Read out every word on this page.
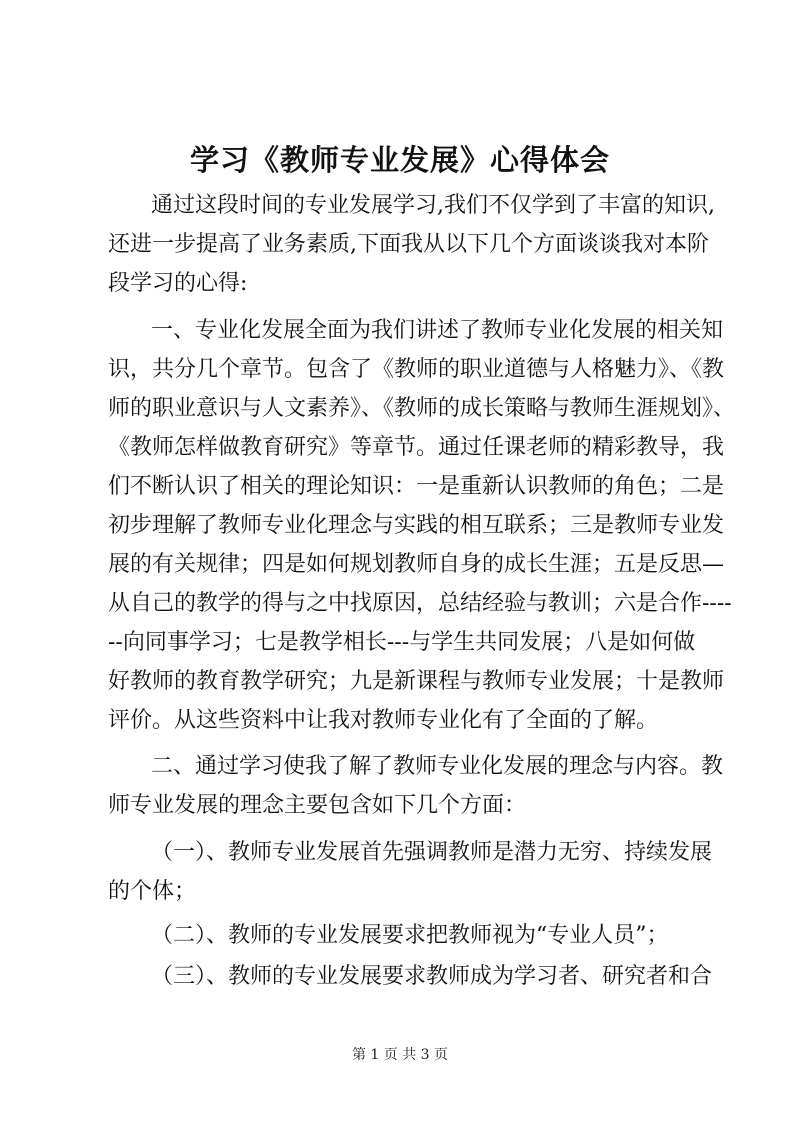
学习《教师专业发展》心得体会

通过这段时间的专业发展学习,我们不仅学到了丰富的知识,

还进一步提高了业务素质,下面我从以下几个方面谈谈我对本阶

段学习的心得:

一、专业化发展全面为我们讲述了教师专业化发展的相关知

识，共分几个章节。包含了《教师的职业道德与人格魅力》、《教

师的职业意识与人文素养》、《教师的成长策略与教师生涯规划》、

《教师怎样做教育研究》等章节。通过任课老师的精彩教导，我

们不断认识了相关的理论知识：一是重新认识教师的角色；二是

初步理解了教师专业化理念与实践的相互联系；三是教师专业发

展的有关规律；四是如何规划教师自身的成长生涯；五是反思—

从自己的教学的得与之中找原因，总结经验与教训；六是合作----

--向同事学习；七是教学相长---与学生共同发展；八是如何做

好教师的教育教学研究；九是新课程与教师专业发展；十是教师

评价。从这些资料中让我对教师专业化有了全面的了解。

二、通过学习使我了解了教师专业化发展的理念与内容。教

师专业发展的理念主要包含如下几个方面：

（一）、教师专业发展首先强调教师是潜力无穷、持续发展

的个体；

（二）、教师的专业发展要求把教师视为“专业人员”；

（三）、教师的专业发展要求教师成为学习者、研究者和合

第 1 页 共 3 页
